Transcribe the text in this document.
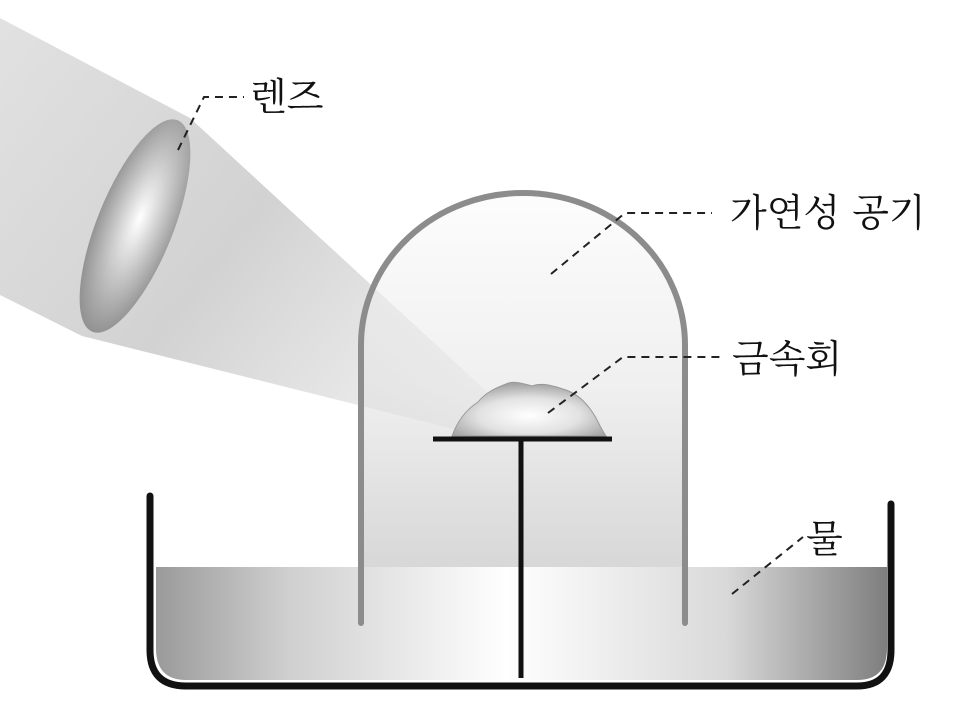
렌즈
가연성 공기
금속회
물
